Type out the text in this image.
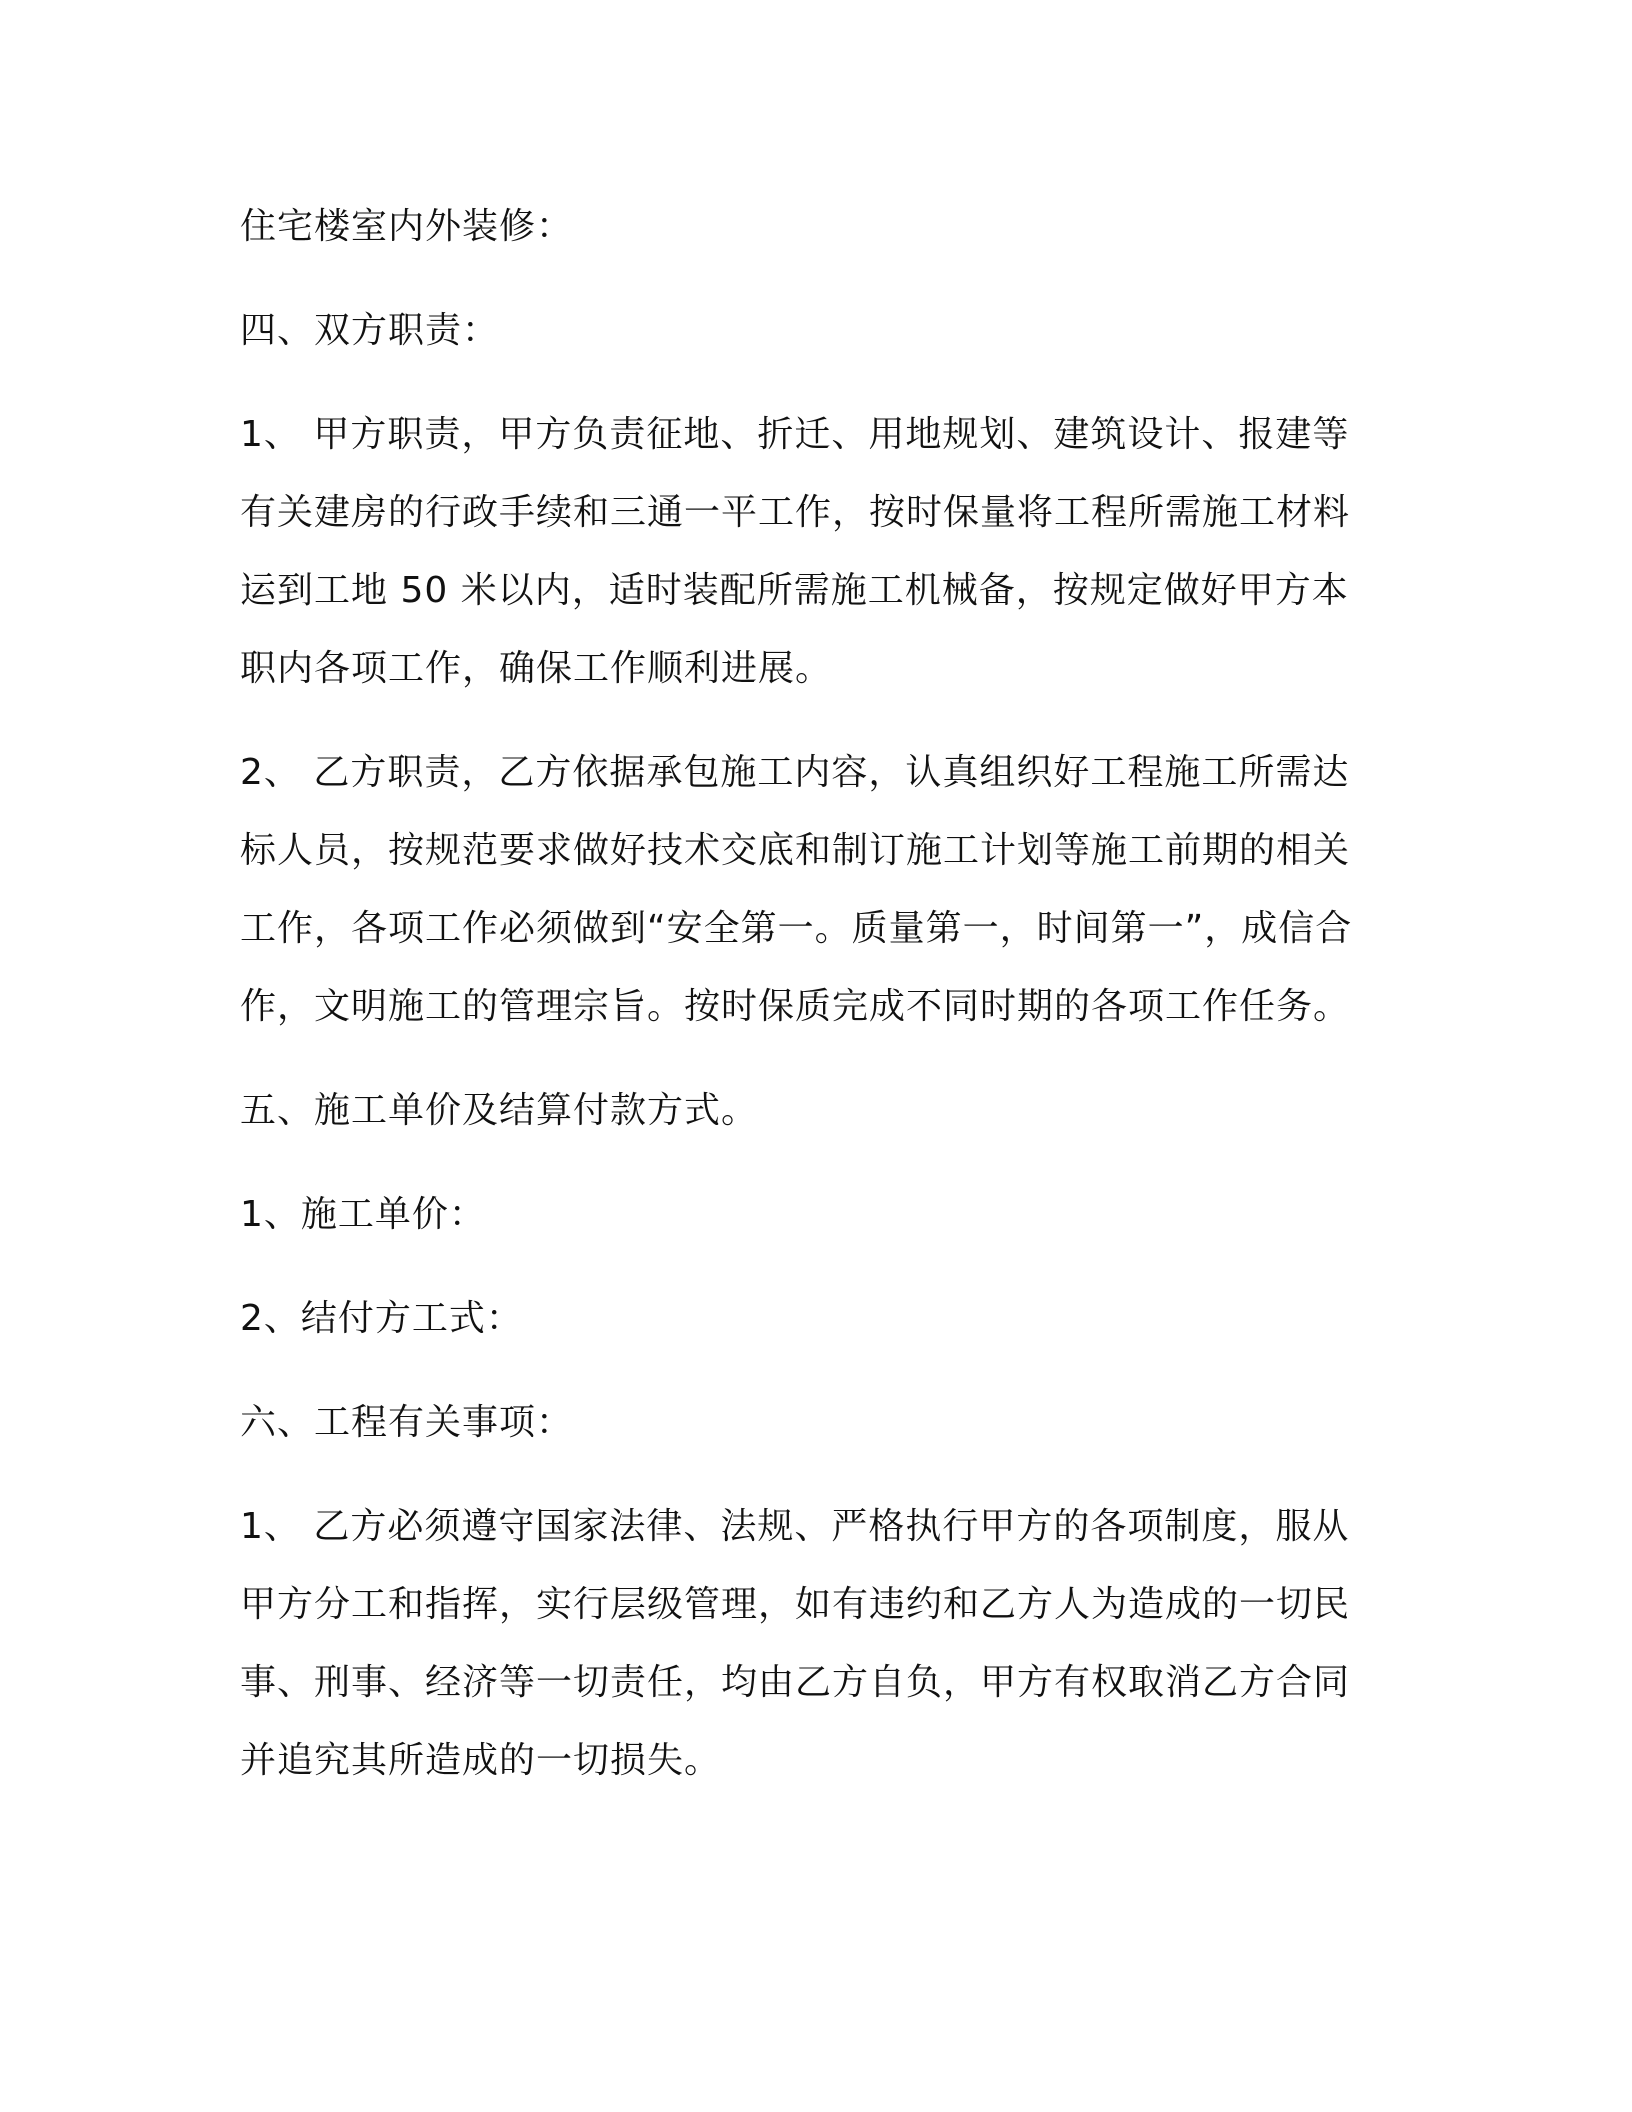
住宅楼室内外装修：

四、双方职责：

1、 甲方职责，甲方负责征地、折迁、用地规划、建筑设计、报建等有关建房的行政手续和三通一平工作，按时保量将工程所需施工材料运到工地 50 米以内，适时装配所需施工机械备，按规定做好甲方本职内各项工作，确保工作顺利进展。

2、 乙方职责，乙方依据承包施工内容，认真组织好工程施工所需达标人员，按规范要求做好技术交底和制订施工计划等施工前期的相关工作，各项工作必须做到“安全第一。质量第一，时间第一”，成信合作，文明施工的管理宗旨。按时保质完成不同时期的各项工作任务。

五、施工单价及结算付款方式。

1、施工单价：

2、结付方工式：

六、工程有关事项：

1、 乙方必须遵守国家法律、法规、严格执行甲方的各项制度，服从甲方分工和指挥，实行层级管理，如有违约和乙方人为造成的一切民事、刑事、经济等一切责任，均由乙方自负，甲方有权取消乙方合同并追究其所造成的一切损失。
